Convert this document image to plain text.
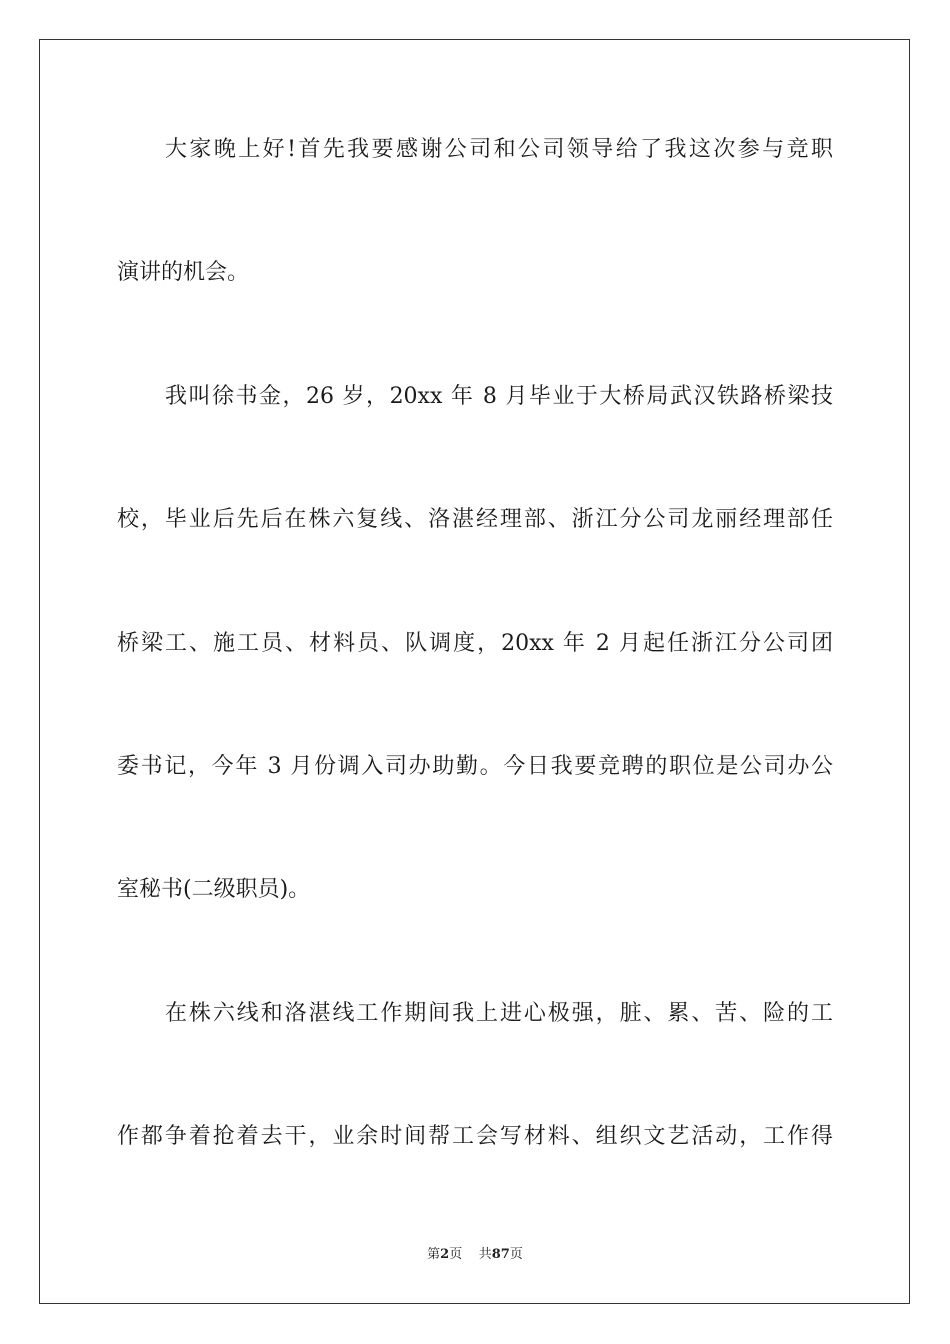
大家晚上好!首先我要感谢公司和公司领导给了我这次参与竞职
演讲的机会。
我叫徐书金，26 岁，20xx 年 8 月毕业于大桥局武汉铁路桥梁技
校，毕业后先后在株六复线、洛湛经理部、浙江分公司龙丽经理部任
桥梁工、施工员、材料员、队调度，20xx 年 2 月起任浙江分公司团
委书记，今年 3 月份调入司办助勤。今日我要竞聘的职位是公司办公
室秘书(二级职员)。
在株六线和洛湛线工作期间我上进心极强，脏、累、苦、险的工
作都争着抢着去干，业余时间帮工会写材料、组织文艺活动，工作得
第2页 共87页
